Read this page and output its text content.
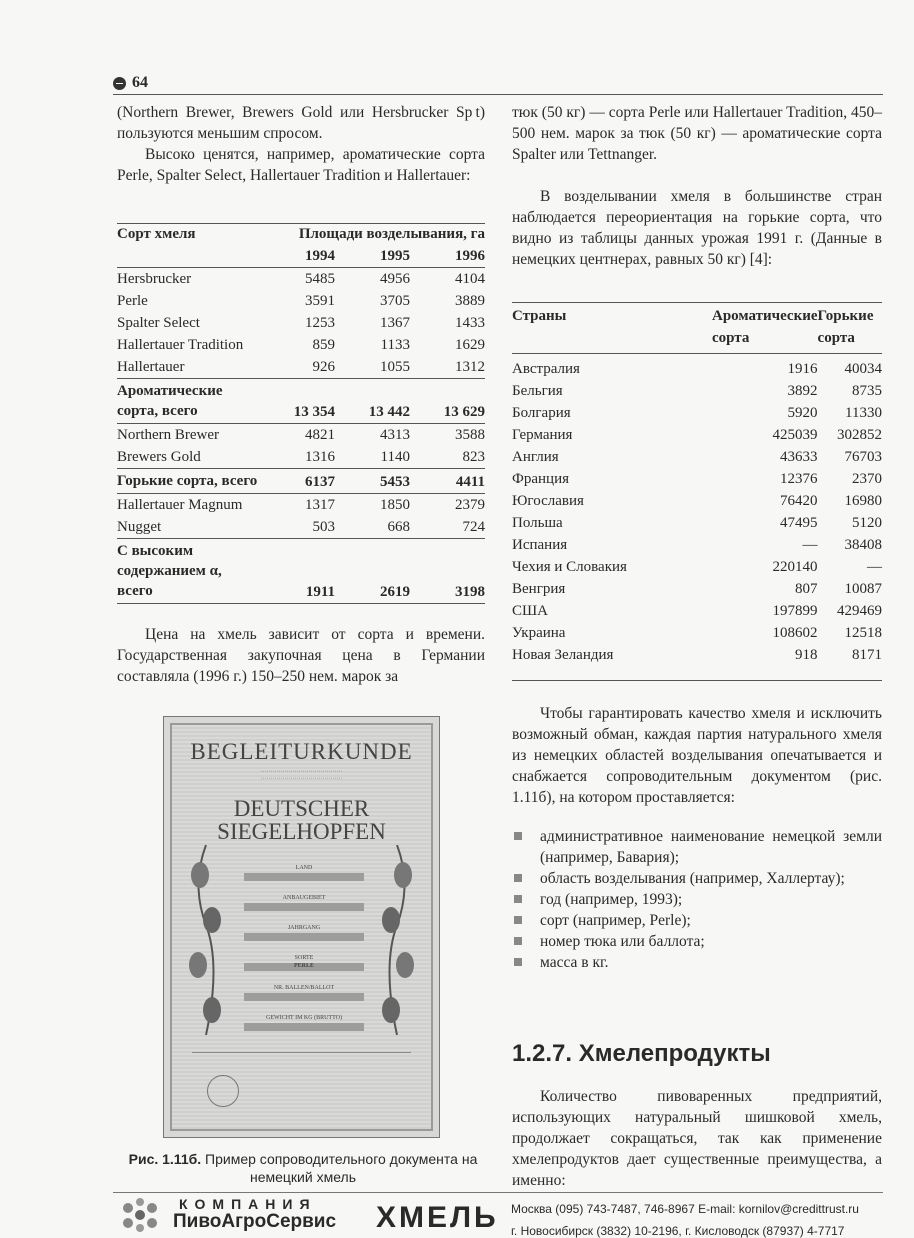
64

(Northern Brewer, Brewers Gold или Hersbrucker Sp t) пользуются меньшим спросом.

Высоко ценятся, например, ароматические сорта Perle, Spalter Select, Hallertauer Tradition и Hallertauer:

Сорт хмеля	Площади возделывания, га		
	1994	1995	1996
Hersbrucker	5485	4956	4104
Perle	3591	3705	3889
Spalter Select	1253	1367	1433
Hallertauer Tradition	859	1133	1629
Hallertauer	926	1055	1312
Ароматические сорта, всего	13 354	13 442	13 629
Northern Brewer	4821	4313	3588
Brewers Gold	1316	1140	823
Горькие сорта, всего	6137	5453	4411
Hallertauer Magnum	1317	1850	2379
Nugget	503	668	724
С высоким содержанием α, всего	1911	2619	3198

Цена на хмель зависит от сорта и времени. Государственная закупочная цена в Германии составляла (1996 г.) 150–250 нем. марок за

BEGLEITURKUNDE
·········································
·········································
DEUTSCHER
SIEGELHOPFEN
LAND
ANBAUGEBIET
JAHRGANG
SORTE
PERLE
NR. BALLEN/BALLOT
GEWICHT IM KG (BRUTTO)
Рис. 1.11б. Пример сопроводительного документа на немецкий хмель

тюк (50 кг) — сорта Perle или Hallertauer Tradition, 450–500 нем. марок за тюк (50 кг) — ароматические сорта Spalter или Tettnanger.

В возделывании хмеля в большинстве стран наблюдается переориентация на горькие сорта, что видно из таблицы данных урожая 1991 г. (Данные в немецких центнерах, равных 50 кг) [4]:

Страны	Ароматические сорта	Горькие сорта
Австралия	1916	40034
Бельгия	3892	8735
Болгария	5920	11330
Германия	425039	302852
Англия	43633	76703
Франция	12376	2370
Югославия	76420	16980
Польша	47495	5120
Испания	—	38408
Чехия и Словакия	220140	—
Венгрия	807	10087
США	197899	429469
Украина	108602	12518
Новая Зеландия	918	8171

Чтобы гарантировать качество хмеля и исключить возможный обман, каждая партия натурального хмеля из немецких областей возделывания опечатывается и снабжается сопроводительным документом (рис. 1.11б), на котором проставляется:

административное наименование немецкой земли (например, Бавария);
область возделывания (например, Халлертау);
год (например, 1993);
сорт (например, Perle);
номер тюка или баллота;
масса в кг.
1.2.7. Хмелепродукты

Количество пивоваренных предприятий, использующих натуральный шишковой хмель, продолжает сокращаться, так как применение хмелепродуктов дает существенные преимущества, а именно:

КОМПАНИЯ
ПивоАгроСервис ХМЕЛЬ Москва (095) 743-7487, 746-8967 E-mail: kornilov@credittrust.ru
г. Новосибирск (3832) 10-2196, г. Кисловодск (87937) 4-7717
